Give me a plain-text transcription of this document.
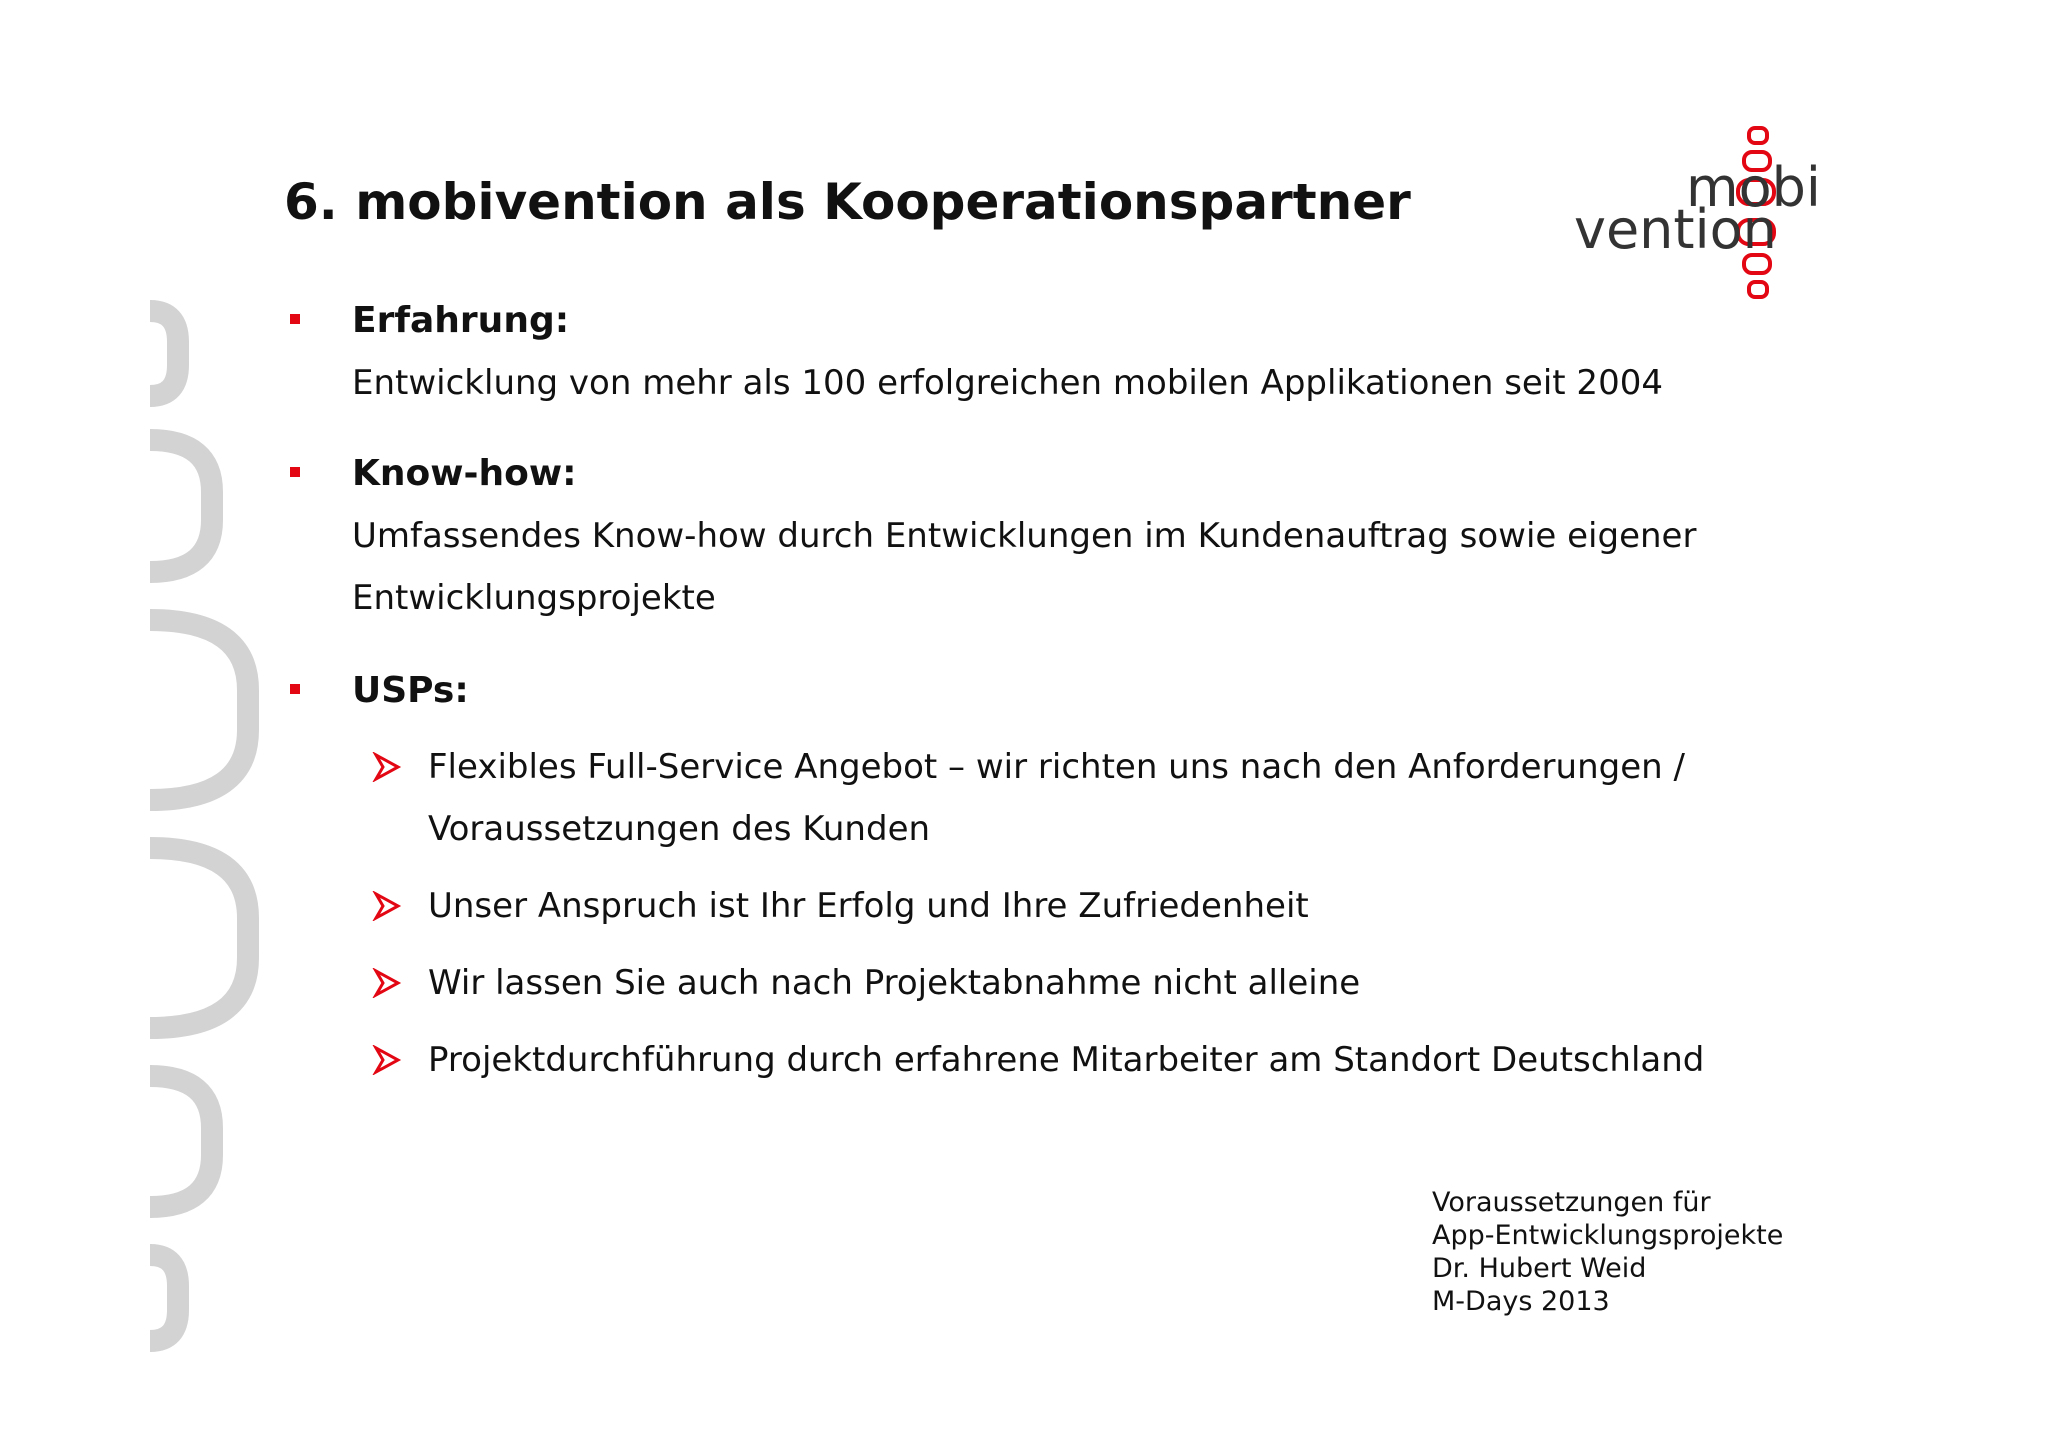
6. mobivention als Kooperationspartner	mobi
vention
Erfahrung:
Entwicklung von mehr als 100 erfolgreichen mobilen Applikationen seit 2004
Know-how:
Umfassendes Know-how durch Entwicklungen im Kundenauftrag sowie eigener
Entwicklungsprojekte
USPs:
Flexibles Full-Service Angebot – wir richten uns nach den Anforderungen /
Voraussetzungen des Kunden
Unser Anspruch ist Ihr Erfolg und Ihre Zufriedenheit
Wir lassen Sie auch nach Projektabnahme nicht alleine
Projektdurchführung durch erfahrene Mitarbeiter am Standort Deutschland
Voraussetzungen für
App-Entwicklungsprojekte
Dr. Hubert Weid
M-Days 2013
